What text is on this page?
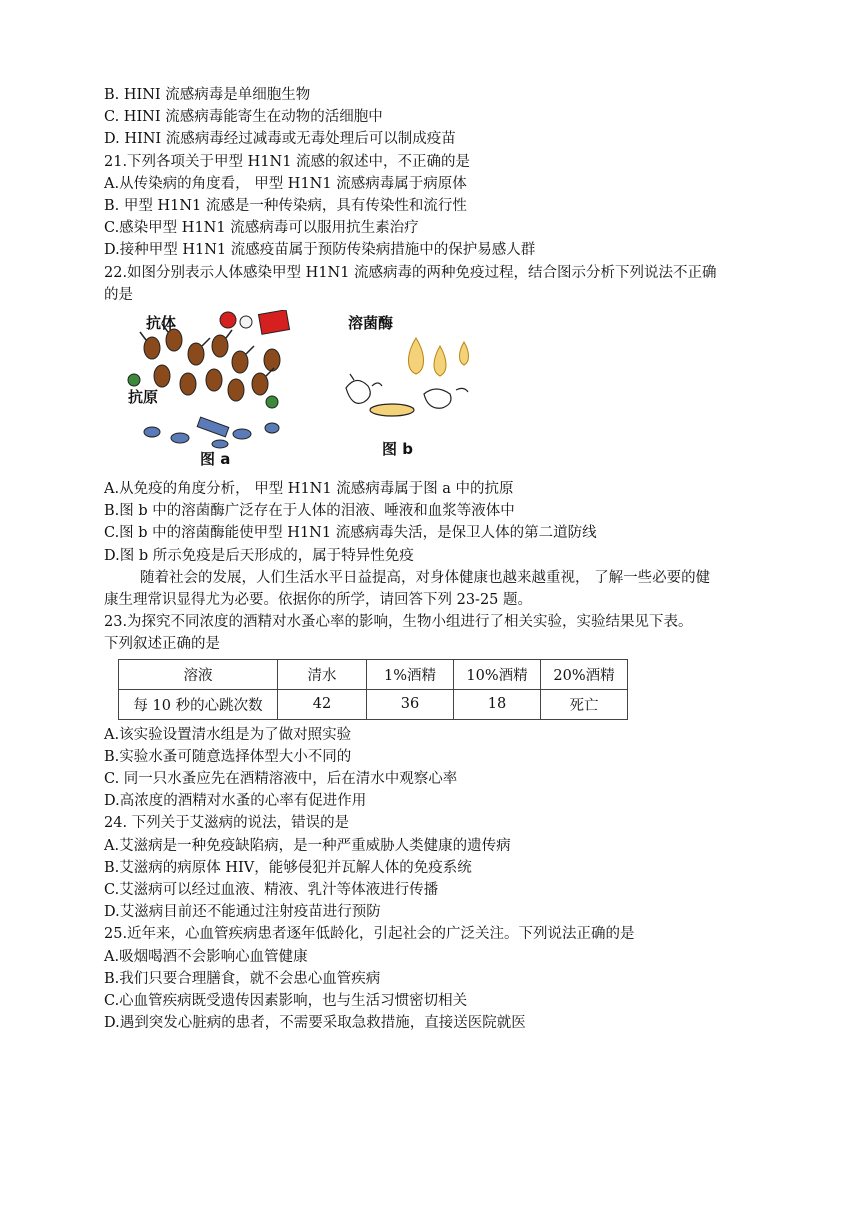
B. HINI 流感病毒是单细胞生物
C. HINI 流感病毒能寄生在动物的活细胞中
D. HINI 流感病毒经过减毒或无毒处理后可以制成疫苗
21.下列各项关于甲型 H1N1 流感的叙述中，不正确的是
A.从传染病的角度看， 甲型 H1N1 流感病毒属于病原体
B. 甲型 H1N1 流感是一种传染病，具有传染性和流行性
C.感染甲型 H1N1 流感病毒可以服用抗生素治疗
D.接种甲型 H1N1 流感疫苗属于预防传染病措施中的保护易感人群
22.如图分别表示人体感染甲型 H1N1 流感病毒的两种免疫过程，结合图示分析下列说法不正确
的是
抗体
抗原
图 a
溶菌酶
图 b
A.从免疫的角度分析， 甲型 H1N1 流感病毒属于图 a 中的抗原
B.图 b 中的溶菌酶广泛存在于人体的泪液、唾液和血浆等液体中
C.图 b 中的溶菌酶能使甲型 H1N1 流感病毒失活，是保卫人体的第二道防线
D.图 b 所示免疫是后天形成的，属于特异性免疫
随着社会的发展，人们生活水平日益提高，对身体健康也越来越重视， 了解一些必要的健
康生理常识显得尤为必要。依据你的所学，请回答下列 23-25 题。
23.为探究不同浓度的酒精对水蚤心率的影响，生物小组进行了相关实验，实验结果见下表。
下列叙述正确的是
溶液	清水	1%酒精	10%酒精	20%酒精
每 10 秒的心跳次数	42	36	18	死亡
A.该实验设置清水组是为了做对照实验
B.实验水蚤可随意选择体型大小不同的
C. 同一只水蚤应先在酒精溶液中，后在清水中观察心率
D.高浓度的酒精对水蚤的心率有促进作用
24. 下列关于艾滋病的说法，错误的是
A.艾滋病是一种免疫缺陷病，是一种严重威胁人类健康的遗传病
B.艾滋病的病原体 HIV，能够侵犯并瓦解人体的免疫系统
C.艾滋病可以经过血液、精液、乳汁等体液进行传播
D.艾滋病目前还不能通过注射疫苗进行预防
25.近年来，心血管疾病患者逐年低龄化，引起社会的广泛关注。下列说法正确的是
A.吸烟喝酒不会影响心血管健康
B.我们只要合理膳食，就不会患心血管疾病
C.心血管疾病既受遗传因素影响，也与生活习惯密切相关
D.遇到突发心脏病的患者，不需要采取急救措施，直接送医院就医
